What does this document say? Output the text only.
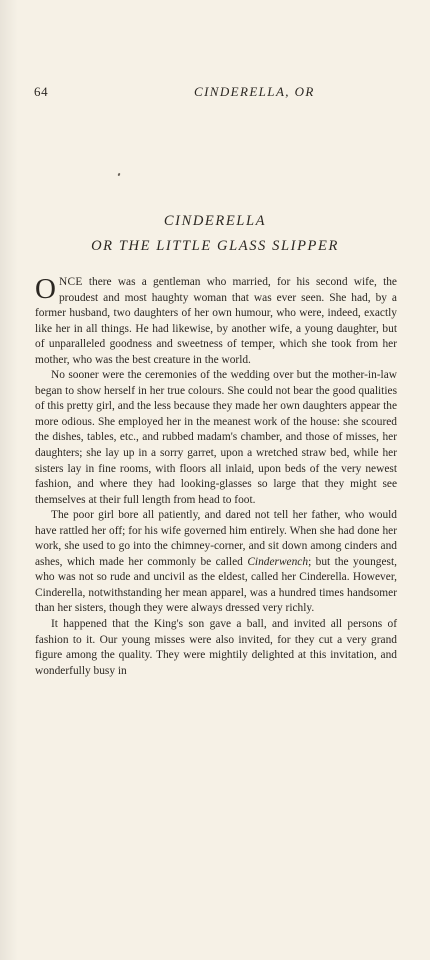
64	CINDERELLA, OR
CINDERELLA
OR THE LITTLE GLASS SLIPPER

ONCE there was a gentleman who married, for his second wife, the proudest and most haughty woman that was ever seen. She had, by a former husband, two daughters of her own humour, who were, indeed, exactly like her in all things. He had likewise, by another wife, a young daughter, but of unparalleled goodness and sweetness of temper, which she took from her mother, who was the best creature in the world.

No sooner were the ceremonies of the wedding over but the mother-in-law began to show herself in her true colours. She could not bear the good qualities of this pretty girl, and the less because they made her own daughters appear the more odious. She employed her in the meanest work of the house: she scoured the dishes, tables, etc., and rubbed madam's chamber, and those of misses, her daughters; she lay up in a sorry garret, upon a wretched straw bed, while her sisters lay in fine rooms, with floors all inlaid, upon beds of the very newest fashion, and where they had looking-glasses so large that they might see themselves at their full length from head to foot.

The poor girl bore all patiently, and dared not tell her father, who would have rattled her off; for his wife governed him entirely. When she had done her work, she used to go into the chimney-corner, and sit down among cinders and ashes, which made her commonly be called Cinderwench; but the youngest, who was not so rude and uncivil as the eldest, called her Cinderella. However, Cinderella, notwithstanding her mean apparel, was a hundred times handsomer than her sisters, though they were always dressed very richly.

It happened that the King's son gave a ball, and invited all persons of fashion to it. Our young misses were also invited, for they cut a very grand figure among the quality. They were mightily delighted at this invitation, and wonderfully busy in
